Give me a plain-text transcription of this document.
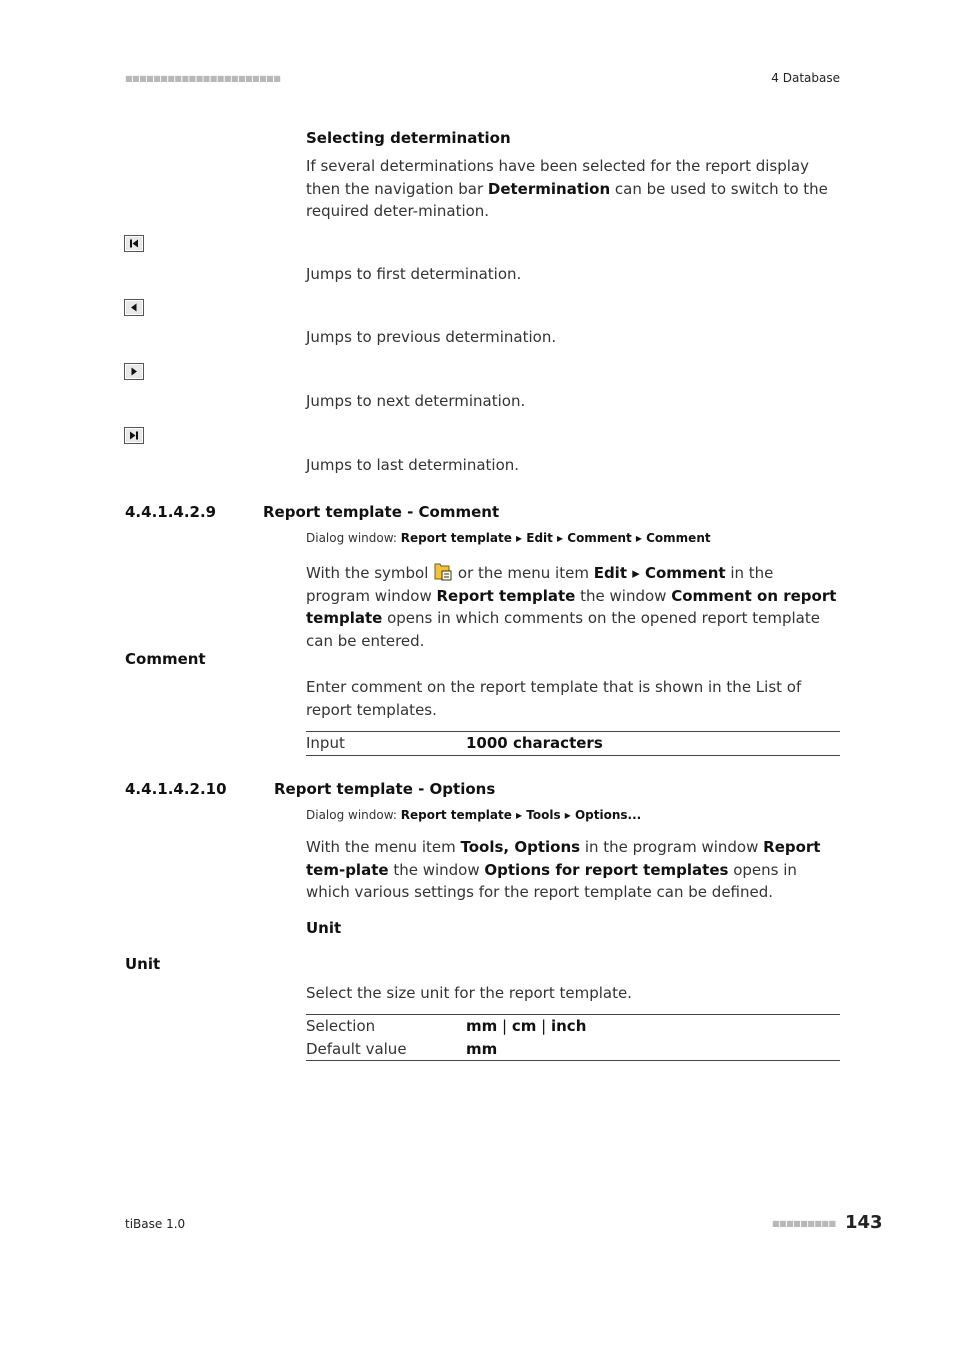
■■■■■■■■■■■■■■■■■■■■■■	4 Database
Selecting determination
If several determinations have been selected for the report display then the navigation bar Determination can be used to switch to the required deter-mination.
Jumps to first determination.
Jumps to previous determination.
Jumps to next determination.
Jumps to last determination.
4.4.1.4.2.9	Report template - Comment
Dialog window: Report template ▸ Edit ▸ Comment ▸ Comment
With the symbol  or the menu item Edit ▸ Comment in the program window Report template the window Comment on report template opens in which comments on the opened report template can be entered.
Comment
Enter comment on the report template that is shown in the List of report templates.
Input	1000 characters
4.4.1.4.2.10	Report template - Options
Dialog window: Report template ▸ Tools ▸ Options...
With the menu item Tools, Options in the program window Report tem-plate the window Options for report templates opens in which various settings for the report template can be defined.
Unit
Unit
Select the size unit for the report template.
Selection	mm | cm | inch
Default value	mm
tiBase 1.0	■■■■■■■■■ 143
